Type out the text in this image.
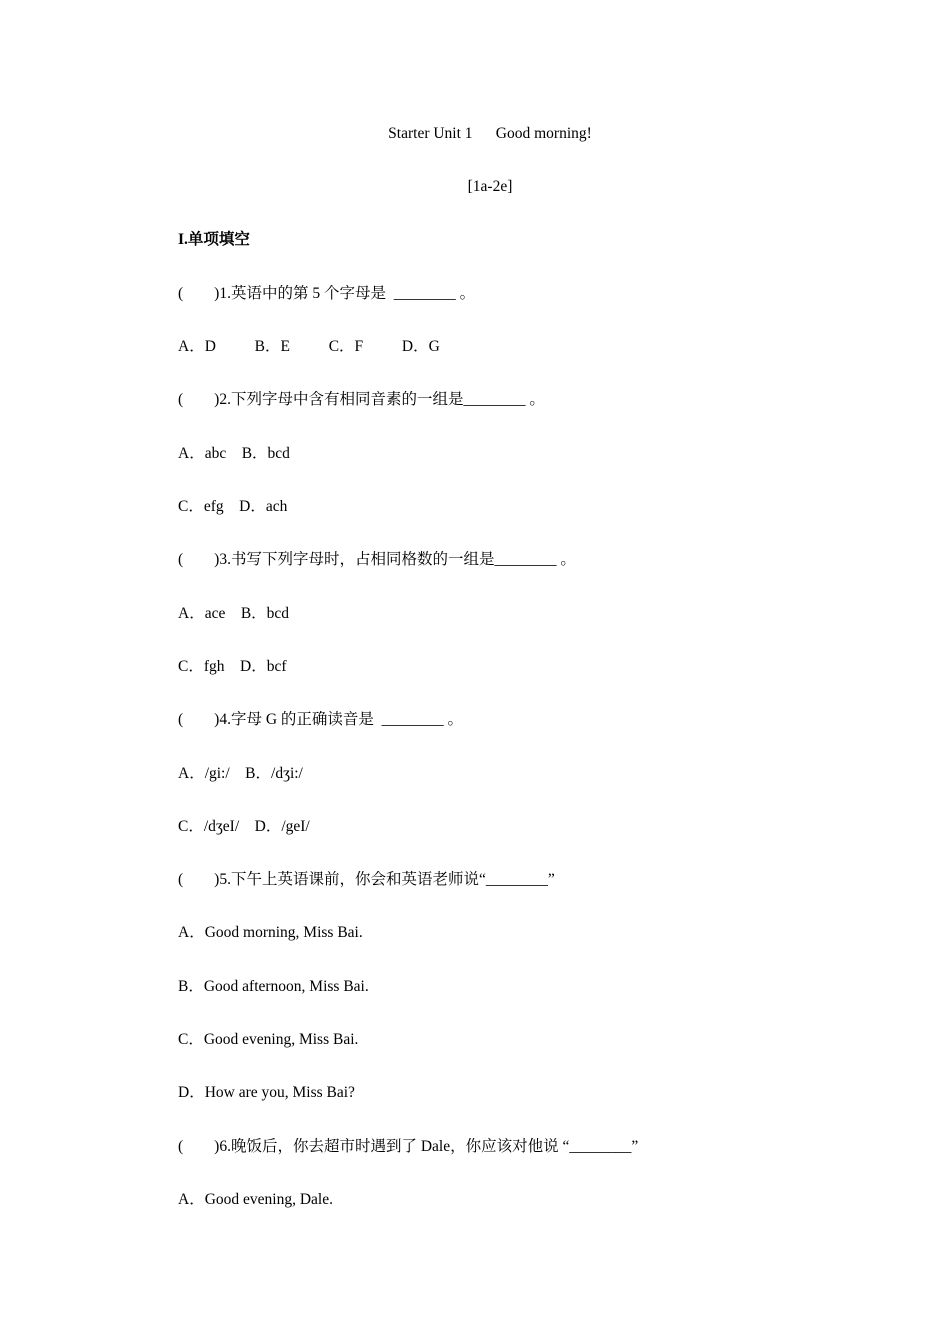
Starter Unit 1      Good morning!
[1a-2e]
I.单项填空
(        )1.英语中的第 5 个字母是  ________ 。
A．D          B．E          C．F          D．G
(        )2.下列字母中含有相同音素的一组是________ 。
A．abc    B．bcd
C．efg    D．ach
(        )3.书写下列字母时，占相同格数的一组是________ 。
A．ace    B．bcd
C．fgh    D．bcf
(        )4.字母 G 的正确读音是  ________ 。
A．/gi:/    B．/dʒi:/
C．/dʒeI/    D．/geI/
(        )5.下午上英语课前，你会和英语老师说“________”
A．Good morning, Miss Bai.
B．Good afternoon, Miss Bai.
C．Good evening, Miss Bai.
D．How are you, Miss Bai?
(        )6.晚饭后，你去超市时遇到了 Dale，你应该对他说 “________”
A．Good evening, Dale.
